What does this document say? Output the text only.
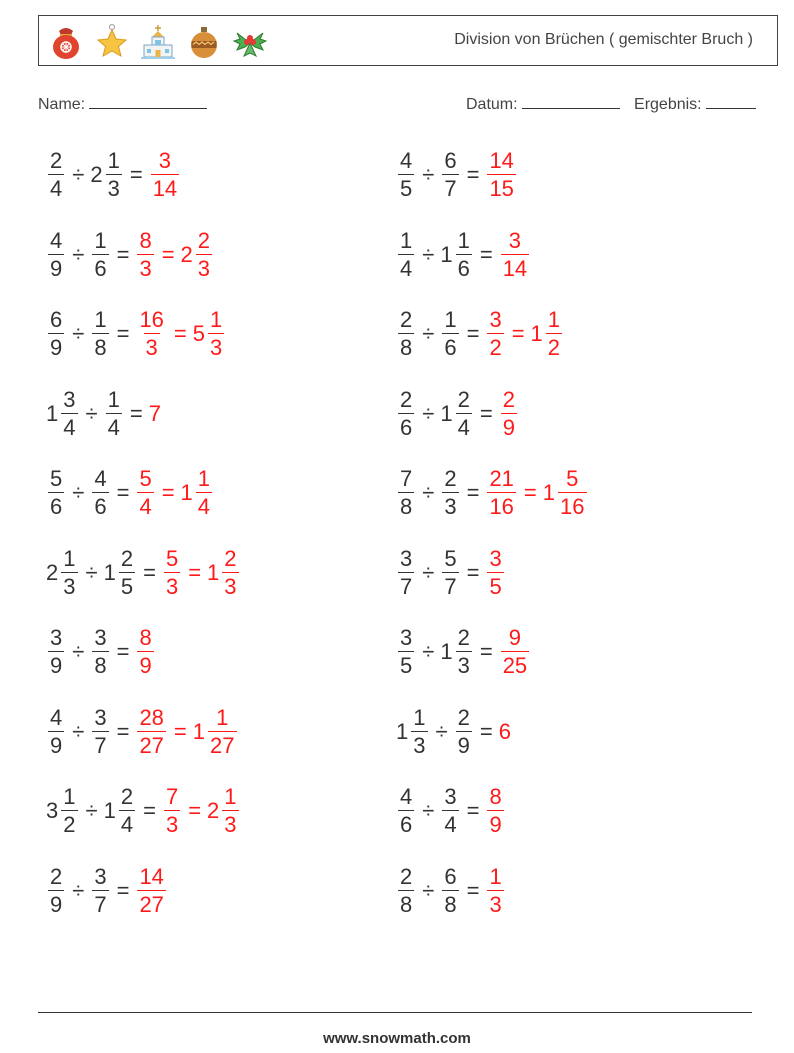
Division von Brüchen ( gemischter Bruch )
Name:	Datum:	Ergebnis:
$\frac{2}{4} \div 2 \frac{1}{3} = \frac{3}{14}$	$\frac{4}{5} \div \frac{6}{7} = \frac{14}{15}$
$\frac{4}{9} \div \frac{1}{6} = \frac{8}{3} = 2 \frac{2}{3}$	$\frac{1}{4} \div 1 \frac{1}{6} = \frac{3}{14}$
$\frac{6}{9} \div \frac{1}{8} = \frac{16}{3} = 5 \frac{1}{3}$	$\frac{2}{8} \div \frac{1}{6} = \frac{3}{2} = 1 \frac{1}{2}$
$1 \frac{3}{4} \div \frac{1}{4} = 7$	$\frac{2}{6} \div 1 \frac{2}{4} = \frac{2}{9}$
$\frac{5}{6} \div \frac{4}{6} = \frac{5}{4} = 1 \frac{1}{4}$	$\frac{7}{8} \div \frac{2}{3} = \frac{21}{16} = 1 \frac{5}{16}$
$2 \frac{1}{3} \div 1 \frac{2}{5} = \frac{5}{3} = 1 \frac{2}{3}$	$\frac{3}{7} \div \frac{5}{7} = \frac{3}{5}$
$\frac{3}{9} \div \frac{3}{8} = \frac{8}{9}$	$\frac{3}{5} \div 1 \frac{2}{3} = \frac{9}{25}$
$\frac{4}{9} \div \frac{3}{7} = \frac{28}{27} = 1 \frac{1}{27}$	$1 \frac{1}{3} \div \frac{2}{9} = 6$
$3 \frac{1}{2} \div 1 \frac{2}{4} = \frac{7}{3} = 2 \frac{1}{3}$	$\frac{4}{6} \div \frac{3}{4} = \frac{8}{9}$
$\frac{2}{9} \div \frac{3}{7} = \frac{14}{27}$	$\frac{2}{8} \div \frac{6}{8} = \frac{1}{3}$
www.snowmath.com
